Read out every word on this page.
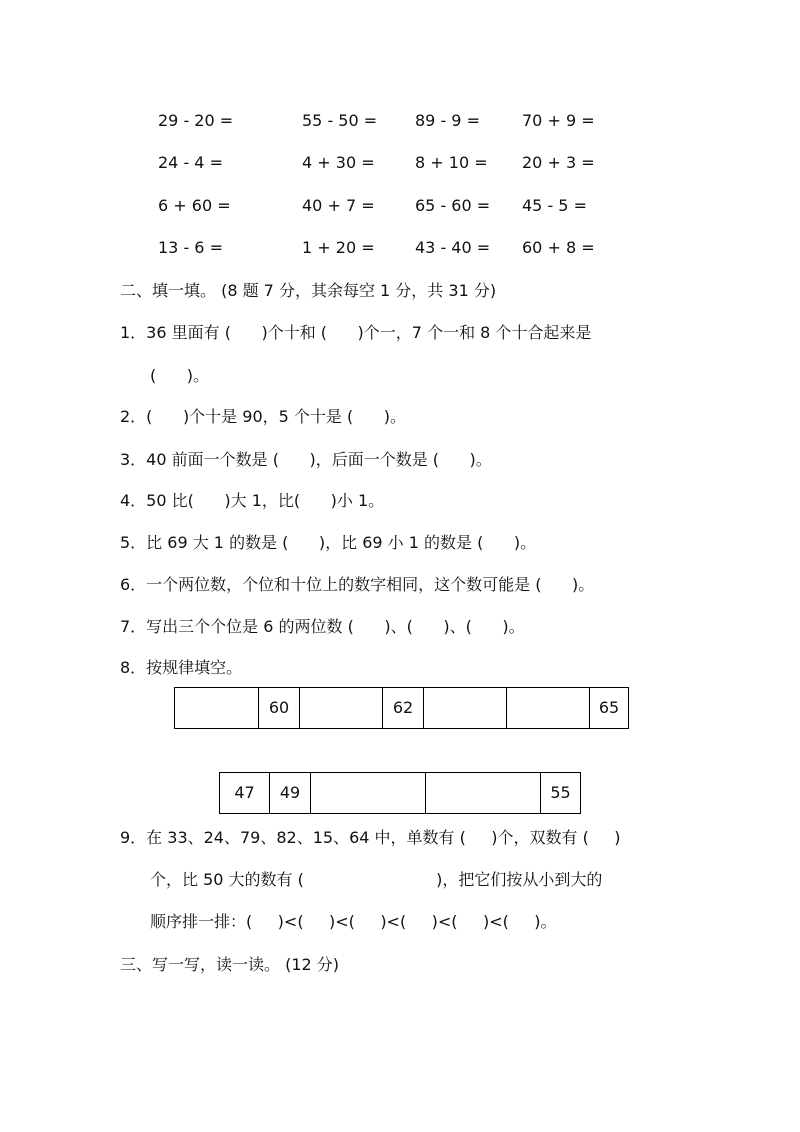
29 - 20 =	55 - 50 = 89 - 9 =	70 + 9 =
24 - 4 =	4 + 30 =	8 + 10 = 20 + 3 =
6 + 60 =	40 + 7 =	65 - 60 = 45 - 5 =
13 - 6 =	1 + 20 =	43 - 40 = 60 + 8 =
二、填一填。 (8 题 7 分，其余每空 1 分，共 31 分)
1．36 里面有 (      )个十和 (      )个一，7 个一和 8 个十合起来是
(      )。
2．(      )个十是 90，5 个十是 (      )。
3．40 前面一个数是 (      )，后面一个数是 (      )。
4．50 比(      )大 1，比(      )小 1。
5．比 69 大 1 的数是 (      )，比 69 小 1 的数是 (      )。
6．一个两位数，个位和十位上的数字相同，这个数可能是 (      )。
7．写出三个个位是 6 的两位数 (      )、(      )、(      )。
8．按规律填空。
60	62	65
47	49	55
9．在 33、24、79、82、15、64 中，单数有 (     )个，双数有 (     )
个，比 50 大的数有 (                          )，把它们按从小到大的
顺序排一排：(     )<(     )<(     )<(     )<(     )<(     )。
三、写一写，读一读。 (12 分)
